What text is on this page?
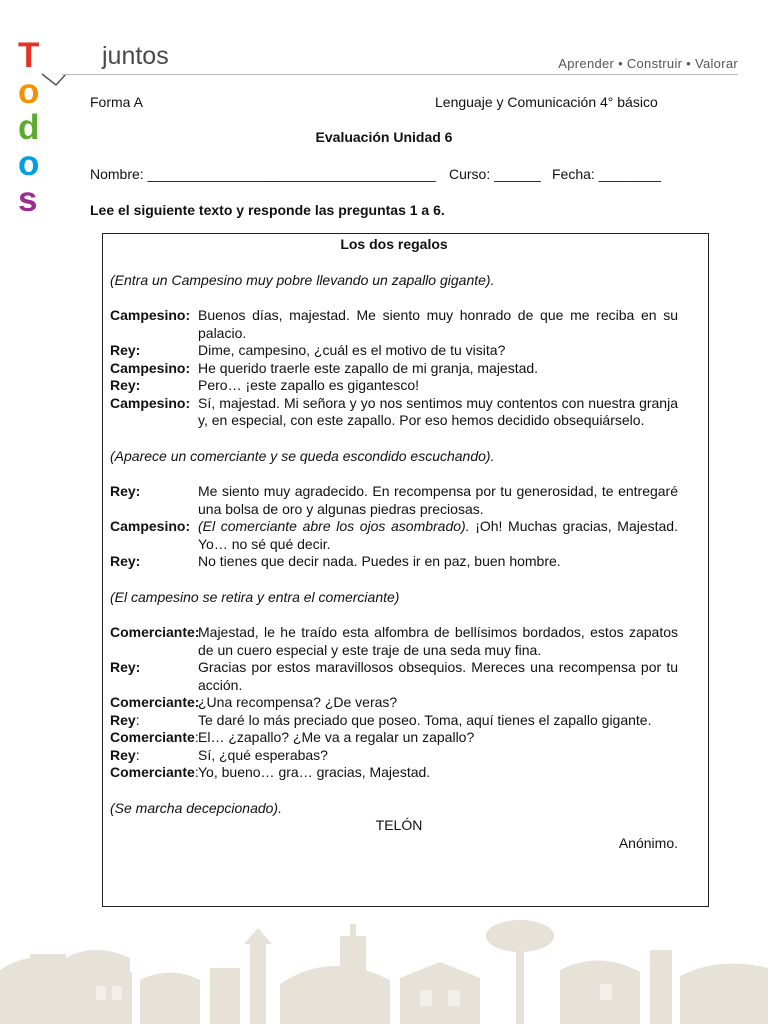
Todos
juntos	Aprender • Construir • Valorar
Forma A	Lenguaje y Comunicación 4° básico
Evaluación Unidad 6
Nombre: _____________________________________ Curso: ______ Fecha: ________
Lee el siguiente texto y responde las preguntas 1 a 6.
Los dos regalos
(Entra un Campesino muy pobre llevando un zapallo gigante).
Campesino: Buenos días, majestad. Me siento muy honrado de que me reciba en su palacio.
Rey:	Dime, campesino, ¿cuál es el motivo de tu visita?
Campesino: He querido traerle este zapallo de mi granja, majestad.
Rey:	Pero… ¡este zapallo es gigantesco!
Campesino: Sí, majestad. Mi señora y yo nos sentimos muy contentos con nuestra granja y, en especial, con este zapallo. Por eso hemos decidido obsequiárselo.
(Aparece un comerciante y se queda escondido escuchando).
Rey:	Me siento muy agradecido. En recompensa por tu generosidad, te entregaré una bolsa de oro y algunas piedras preciosas.
Campesino: (El comerciante abre los ojos asombrado). ¡Oh! Muchas gracias, Majestad. Yo… no sé qué decir.
Rey:	No tienes que decir nada. Puedes ir en paz, buen hombre.
(El campesino se retira y entra el comerciante)
Comerciante:
Majestad, le he traído esta alfombra de bellísimos bordados, estos zapatos de un cuero especial y este traje de una seda muy fina.
Rey:	Gracias por estos maravillosos obsequios. Mereces una recompensa por tu acción.
Comerciante:
¿Una recompensa? ¿De veras?
Rey:	Te daré lo más preciado que poseo. Toma, aquí tienes el zapallo gigante.
Comerciante: El… ¿zapallo? ¿Me va a regalar un zapallo?
Rey:	Sí, ¿qué esperabas?
Comerciante: Yo, bueno… gra… gracias, Majestad.
(Se marcha decepcionado).
TELÓN
Anónimo.
